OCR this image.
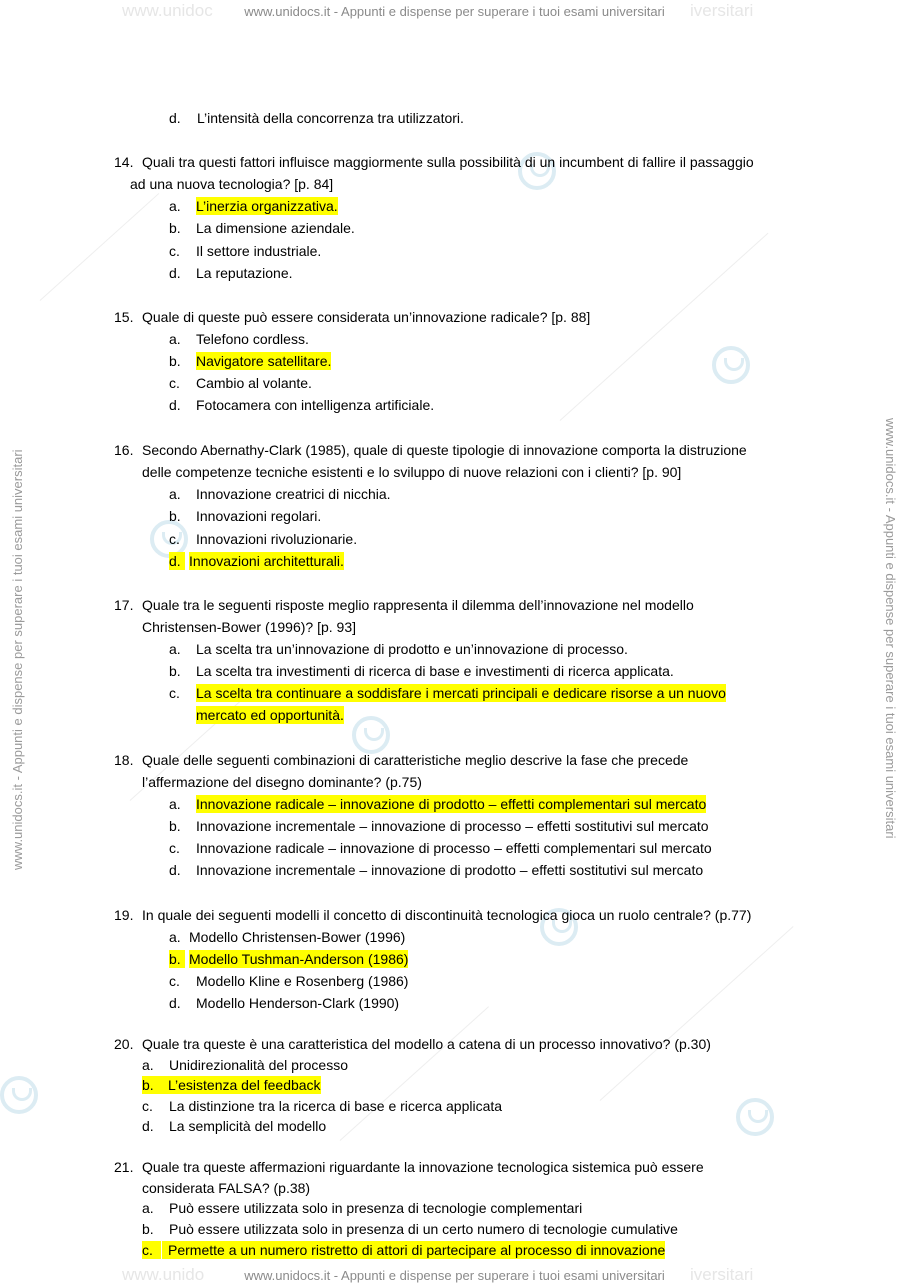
www.unidoc www.unidocs.it - Appunti e dispense per superare i tuoi esami universitari iversitari
www.unido	www.unidocs.it - Appunti e dispense per superare i tuoi esami universitari iversitari
www.unidocs.it - Appunti e dispense per superare i tuoi esami universitari	www.unidocs.it - Appunti e dispense per superare i tuoi esami universitari
d. L’intensità della concorrenza tra utilizzatori.
14. Quali tra questi fattori influisce maggiormente sulla possibilità di un incumbent di fallire il passaggio
ad una nuova tecnologia? [p. 84]
a. L’inerzia organizzativa.
b. La dimensione aziendale.
c. Il settore industriale.
d. La reputazione.
15. Quale di queste può essere considerata un’innovazione radicale? [p. 88]
a. Telefono cordless.
b. Navigatore satellitare.
c. Cambio al volante.
d. Fotocamera con intelligenza artificiale.
16. Secondo Abernathy-Clark (1985), quale di queste tipologie di innovazione comporta la distruzione
delle competenze tecniche esistenti e lo sviluppo di nuove relazioni con i clienti? [p. 90]
a. Innovazione creatrici di nicchia.
b. Innovazioni regolari.
c. Innovazioni rivoluzionarie.
d. Innovazioni architetturali.
17. Quale tra le seguenti risposte meglio rappresenta il dilemma dell’innovazione nel modello
Christensen-Bower (1996)? [p. 93]
a. La scelta tra un’innovazione di prodotto e un’innovazione di processo.
b. La scelta tra investimenti di ricerca di base e investimenti di ricerca applicata.
c. La scelta tra continuare a soddisfare i mercati principali e dedicare risorse a un nuovo
mercato ed opportunità.
18. Quale delle seguenti combinazioni di caratteristiche meglio descrive la fase che precede
l’affermazione del disegno dominante? (p.75)
a. Innovazione radicale – innovazione di prodotto – effetti complementari sul mercato
b. Innovazione incrementale – innovazione di processo – effetti sostitutivi sul mercato
c. Innovazione radicale – innovazione di processo – effetti complementari sul mercato
d. Innovazione incrementale – innovazione di prodotto – effetti sostitutivi sul mercato
19. In quale dei seguenti modelli il concetto di discontinuità tecnologica gioca un ruolo centrale? (p.77)
a. Modello Christensen-Bower (1996)
b. Modello Tushman-Anderson (1986)
c. Modello Kline e Rosenberg (1986)
d. Modello Henderson-Clark (1990)
20. Quale tra queste è una caratteristica del modello a catena di un processo innovativo? (p.30)
a. Unidirezionalità del processo
b.	L’esistenza del feedback
c. La distinzione tra la ricerca di base e ricerca applicata
d. La semplicità del modello
21. Quale tra queste affermazioni riguardante la innovazione tecnologica sistemica può essere
considerata FALSA? (p.38)
a. Può essere utilizzata solo in presenza di tecnologie complementari
b. Può essere utilizzata solo in presenza di un certo numero di tecnologie cumulative
c.	Permette a un numero ristretto di attori di partecipare al processo di innovazione
